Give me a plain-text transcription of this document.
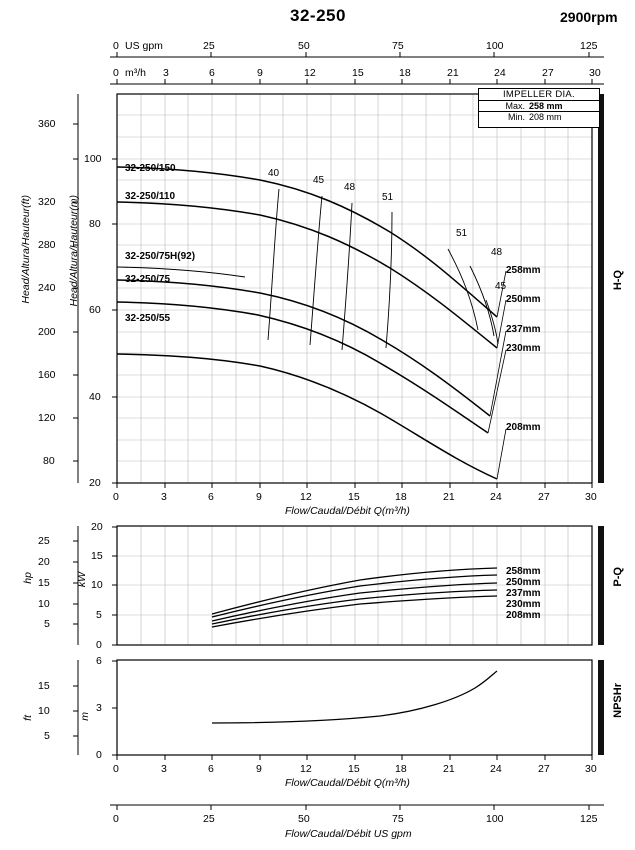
32-250	2900rpm
US gpm
m³/h
0	25	50	75	100	125
0	3	6	9	12	15	18	21	24	27	30
IMPELLER DIA.
Max. 258 mm
Min. 208 mm
80
120
160
200
240
280
320
360
20
40
60
80
100
Head/Altura/Hauteur(ft)	Head/Altura/Hauteur(m)
0	3	6	9	12	15	18	21	24	27	30
Flow/Caudal/Débit Q(m³/h)
32-250/150
32-250/110
32-250/75H(92)
32-250/75
32-250/55
40
45
48
51
51
48
45
258mm
250mm
237mm
230mm
208mm
H-Q
P-Q
NPSHr
5
10
15
20
25
hp
0
5
10
15
20
kW
258mm
250mm
237mm
230mm
208mm
5
10
15
ft
0
3
6
m
0	3	6	9	12	15	18	21	24	27	30
Flow/Caudal/Débit Q(m³/h)
0	25	50	75	100	125
Flow/Caudal/Débit US gpm
